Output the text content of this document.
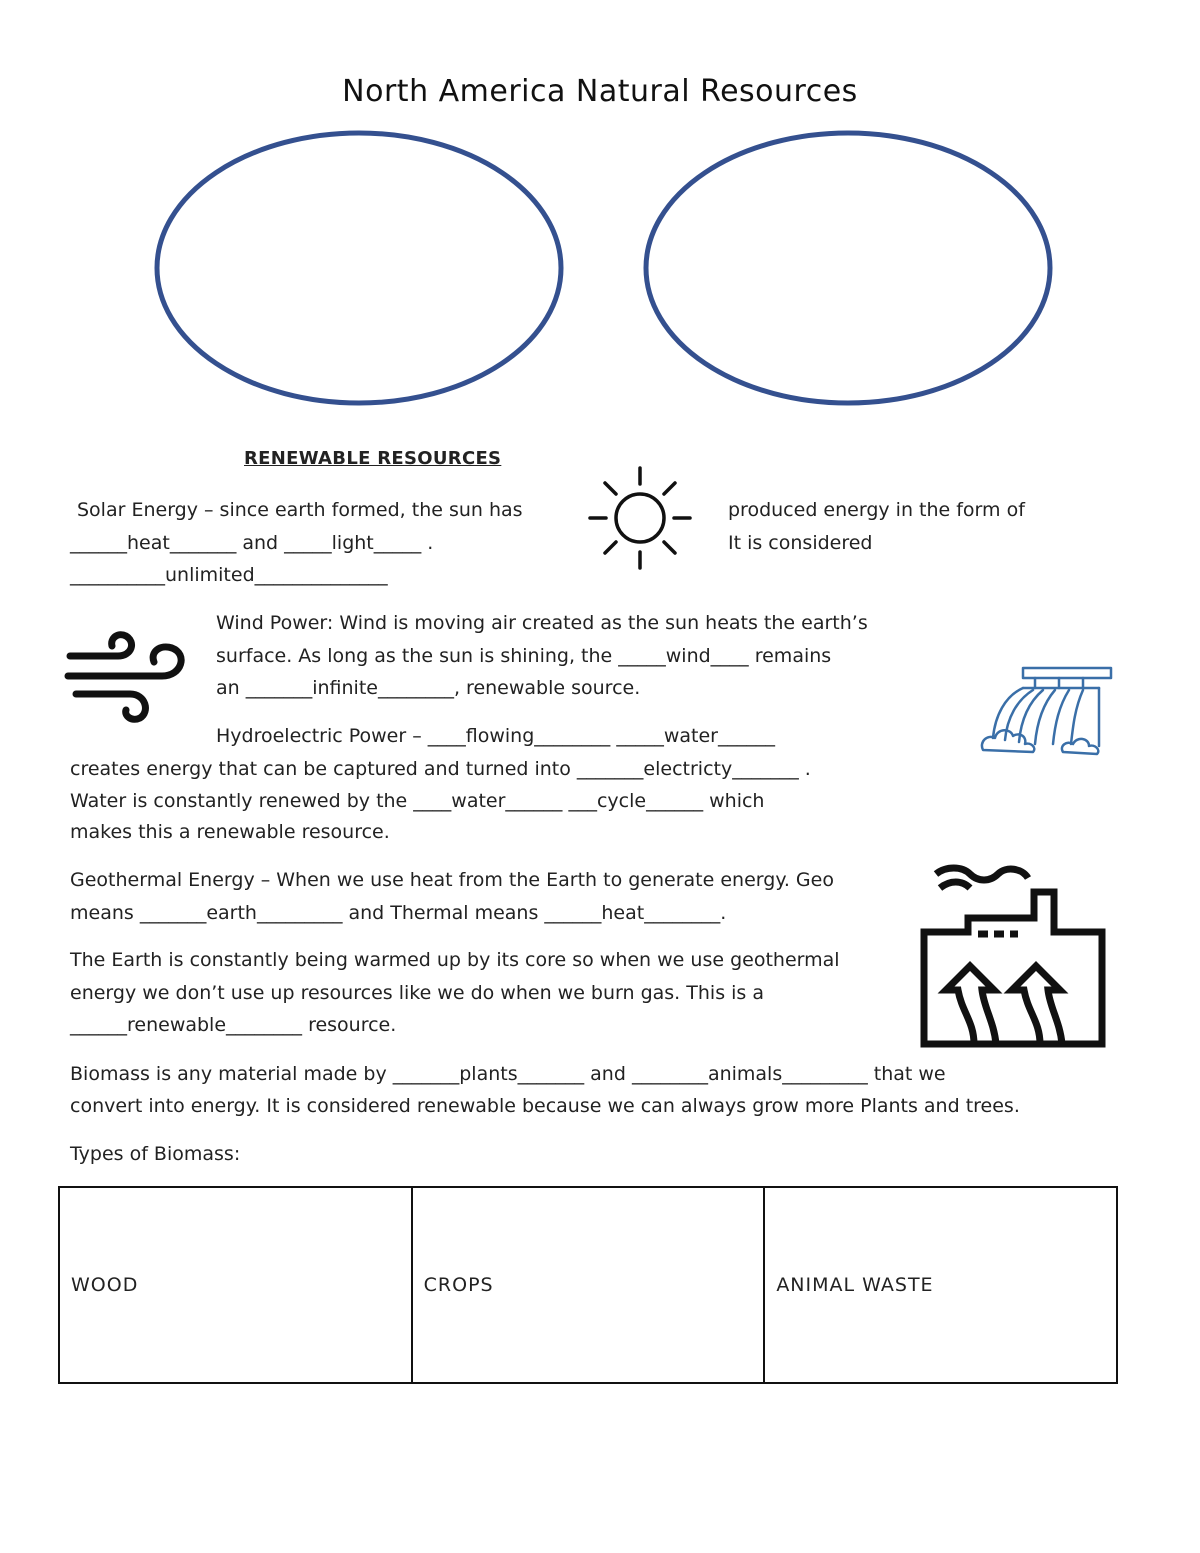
North America Natural Resources
RENEWABLE RESOURCES
Solar Energy – since earth formed, the sun has
______heat_______ and _____light_____ .
__________unlimited______________
produced energy in the form of
It is considered
Wind Power: Wind is moving air created as the sun heats the earth’s
surface. As long as the sun is shining, the _____wind____ remains
an _______infinite________, renewable source.
Hydroelectric Power – ____flowing________ _____water______
creates energy that can be captured and turned into _______electricty_______ .
Water is constantly renewed by the ____water______ ___cycle______ which
makes this a renewable resource.
Geothermal Energy – When we use heat from the Earth to generate energy. Geo
means _______earth_________ and Thermal means ______heat________.
The Earth is constantly being warmed up by its core so when we use geothermal
energy we don’t use up resources like we do when we burn gas. This is a
______renewable________ resource.
Biomass is any material made by _______plants_______ and ________animals_________ that we
convert into energy. It is considered renewable because we can always grow more Plants and trees.
Types of Biomass:
WOOD	CROPS	ANIMAL WASTE
